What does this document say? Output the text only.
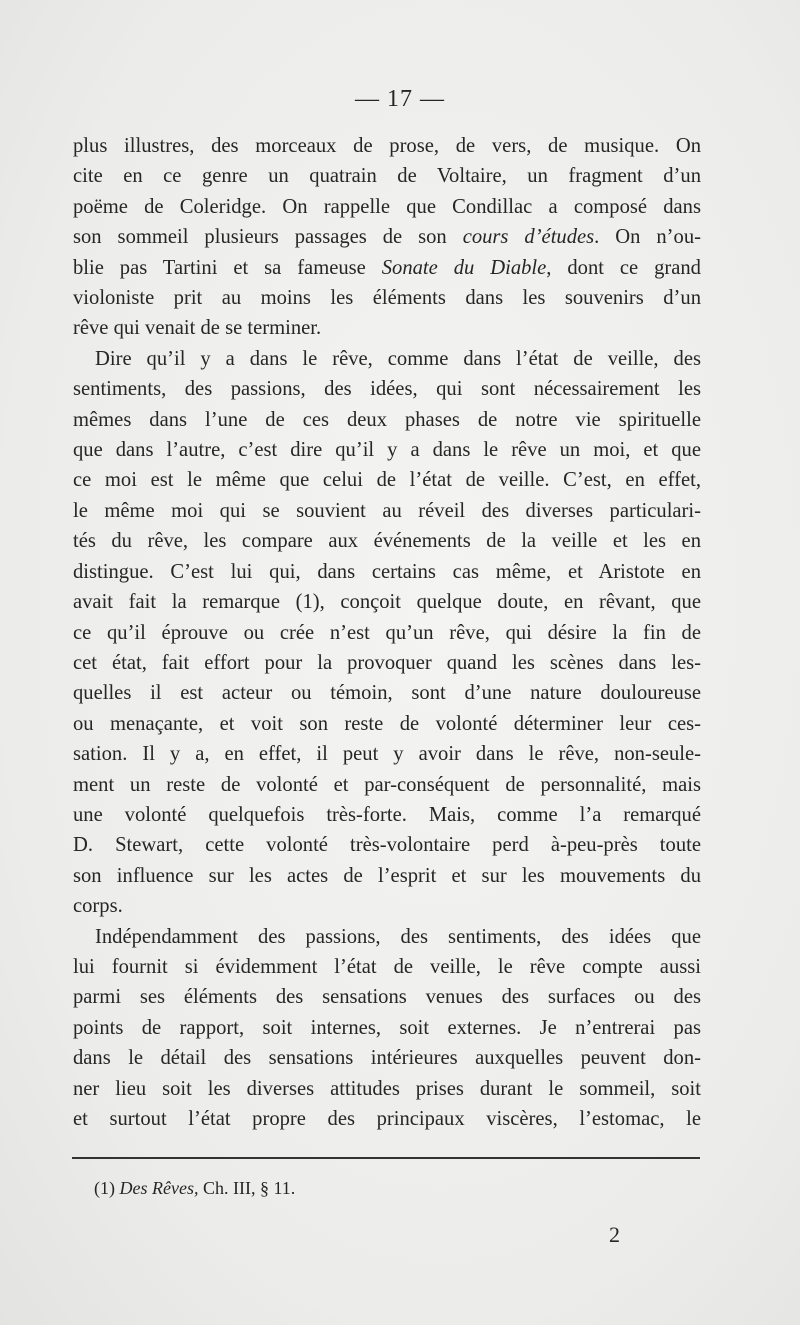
— 17 —

plus illustres, des morceaux de prose, de vers, de musique. On
cite en ce genre un quatrain de Voltaire, un fragment d’un
poëme de Coleridge. On rappelle que Condillac a composé dans
son sommeil plusieurs passages de son cours d’études. On n’ou-
blie pas Tartini et sa fameuse Sonate du Diable, dont ce grand
violoniste prit au moins les éléments dans les souvenirs d’un
rêve qui venait de se terminer.

Dire qu’il y a dans le rêve, comme dans l’état de veille, des
sentiments, des passions, des idées, qui sont nécessairement les
mêmes dans l’une de ces deux phases de notre vie spirituelle
que dans l’autre, c’est dire qu’il y a dans le rêve un moi, et que
ce moi est le même que celui de l’état de veille. C’est, en effet,
le même moi qui se souvient au réveil des diverses particulari-
tés du rêve, les compare aux événements de la veille et les en
distingue. C’est lui qui, dans certains cas même, et Aristote en
avait fait la remarque (1), conçoit quelque doute, en rêvant, que
ce qu’il éprouve ou crée n’est qu’un rêve, qui désire la fin de
cet état, fait effort pour la provoquer quand les scènes dans les-
quelles il est acteur ou témoin, sont d’une nature douloureuse
ou menaçante, et voit son reste de volonté déterminer leur ces-
sation. Il y a, en effet, il peut y avoir dans le rêve, non-seule-
ment un reste de volonté et par-conséquent de personnalité, mais
une volonté quelquefois très-forte. Mais, comme l’a remarqué
D. Stewart, cette volonté très-volontaire perd à-peu-près toute
son influence sur les actes de l’esprit et sur les mouvements du
corps.

Indépendamment des passions, des sentiments, des idées que
lui fournit si évidemment l’état de veille, le rêve compte aussi
parmi ses éléments des sensations venues des surfaces ou des
points de rapport, soit internes, soit externes. Je n’entrerai pas
dans le détail des sensations intérieures auxquelles peuvent don-
ner lieu soit les diverses attitudes prises durant le sommeil, soit
et surtout l’état propre des principaux viscères, l’estomac, le

(1) Des Rêves, Ch. III, § 11.
2
